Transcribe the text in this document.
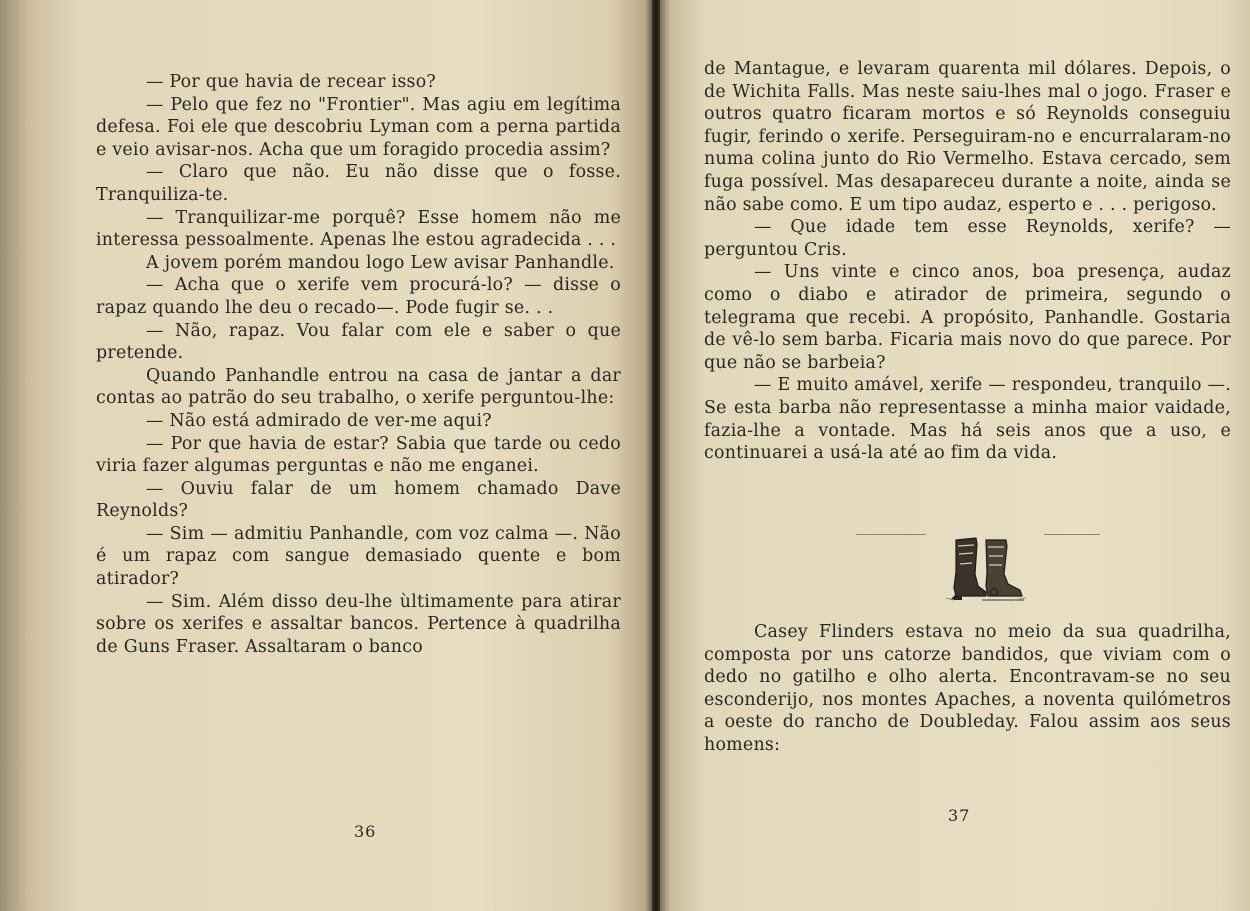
— Por que havia de recear isso?

— Pelo que fez no "Frontier". Mas agiu em legítima defesa. Foi ele que descobriu Lyman com a perna partida e veio avisar-nos. Acha que um foragido procedia assim?

— Claro que não. Eu não disse que o fosse. Tranquiliza-te.

— Tranquilizar-me porquê? Esse homem não me interessa pessoalmente. Apenas lhe estou agradecida . . .

A jovem porém mandou logo Lew avisar Panhandle.

— Acha que o xerife vem procurá-lo? — disse o rapaz quando lhe deu o recado—. Pode fugir se. . .

— Não, rapaz. Vou falar com ele e saber o que pretende.

Quando Panhandle entrou na casa de jantar a dar contas ao patrão do seu trabalho, o xerife perguntou-lhe:

— Não está admirado de ver-me aqui?

— Por que havia de estar? Sabia que tarde ou cedo viria fazer algumas perguntas e não me enganei.

— Ouviu falar de um homem chamado Dave Reynolds?

— Sim — admitiu Panhandle, com voz calma —. Não é um rapaz com sangue demasiado quente e bom atirador?

— Sim. Além disso deu-lhe ùltimamente para atirar sobre os xerifes e assaltar bancos. Pertence à quadrilha de Guns Fraser. Assaltaram o banco

36

de Mantague, e levaram quarenta mil dólares. Depois, o de Wichita Falls. Mas neste saiu-lhes mal o jogo. Fraser e outros quatro ficaram mortos e só Reynolds conseguiu fugir, ferindo o xerife. Perseguiram-no e encurralaram-no numa colina junto do Rio Vermelho. Estava cercado, sem fuga possível. Mas desapareceu durante a noite, ainda se não sabe como. E um tipo audaz, esperto e . . . perigoso.

— Que idade tem esse Reynolds, xerife? — perguntou Cris.

— Uns vinte e cinco anos, boa presença, audaz como o diabo e atirador de primeira, segundo o telegrama que recebi. A propósito, Panhandle. Gostaria de vê-lo sem barba. Ficaria mais novo do que parece. Por que não se barbeia?

— E muito amável, xerife — respondeu, tranquilo —. Se esta barba não representasse a minha maior vaidade, fazia-lhe a vontade. Mas há seis anos que a uso, e continuarei a usá-la até ao fim da vida.

Casey Flinders estava no meio da sua quadrilha, composta por uns catorze bandidos, que viviam com o dedo no gatilho e olho alerta. Encontravam-se no seu esconderijo, nos montes Apaches, a noventa quilómetros a oeste do rancho de Doubleday. Falou assim aos seus homens:

37
